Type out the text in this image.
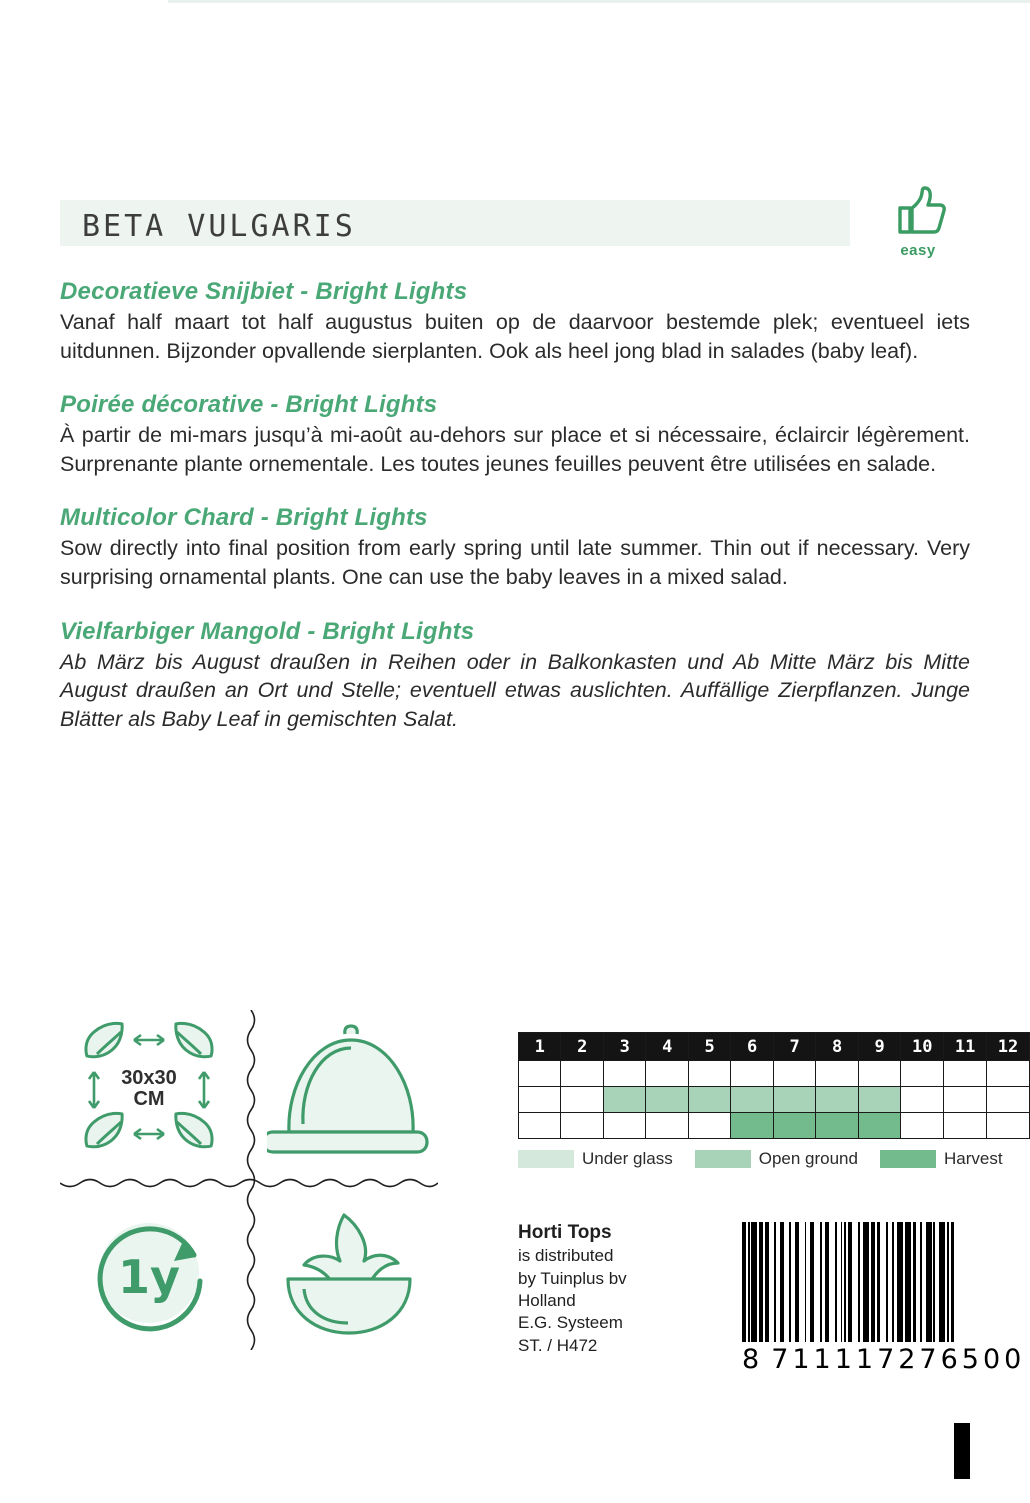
BETA VULGARIS
easy
Decoratieve Snijbiet - Bright Lights

Vanaf half maart tot half augustus buiten op de daarvoor bestemde plek; eventueel iets uitdunnen. Bijzonder opvallende sierplanten. Ook als heel jong blad in salades (baby leaf).

Poirée décorative - Bright Lights

À partir de mi-mars jusqu’à mi-août au-dehors sur place et si nécessaire, éclaircir légèrement. Surprenante plante ornementale. Les toutes jeunes feuilles peuvent être utilisées en salade.

Multicolor Chard - Bright Lights

Sow directly into final position from early spring until late summer. Thin out if necessary. Very surprising ornamental plants. One can use the baby leaves in a mixed salad.

Vielfarbiger Mangold - Bright Lights

Ab März bis August draußen in Reihen oder in Balkonkasten und Ab Mitte März bis Mitte August draußen an Ort und Stelle; eventuell etwas auslichten. Auffällige Zierpflanzen. Junge Blätter als Baby Leaf in gemischten Salat.

30x30
CM
1y
1	2	3	4	5	6	7	8	9	10	11	12

Under glass	Open ground	Harvest
Horti Tops
is distributed
by Tuinplus bv
Holland
E.G. Systeem
ST. / H472	8 711117276500
